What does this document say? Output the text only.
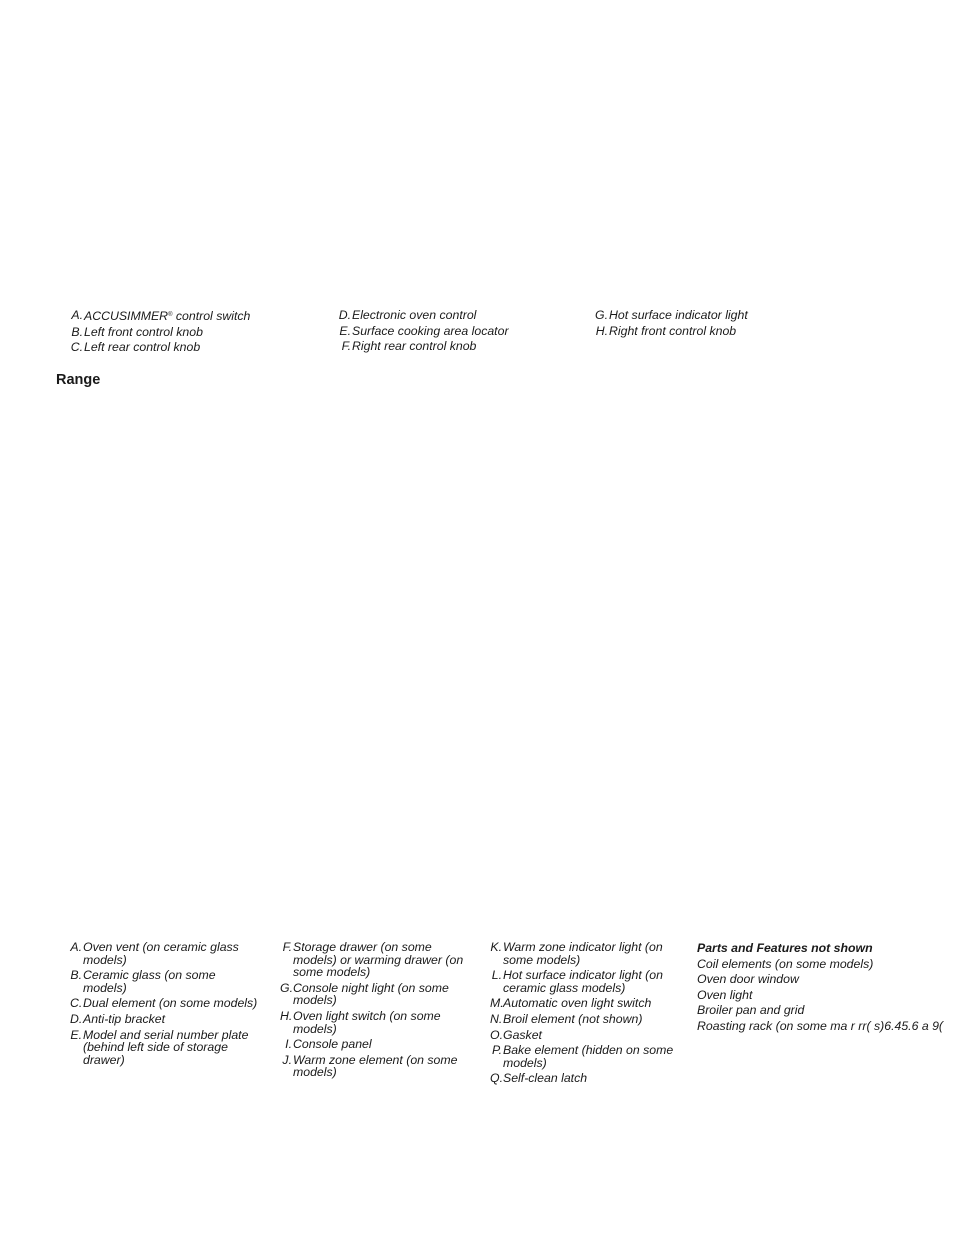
A. ACCUSIMMER® control switch
B. Left front control knob
C. Left rear control knob
D. Electronic oven control
E. Surface cooking area locator
F. Right rear control knob
G. Hot surface indicator light
H. Right front control knob
Range
A. Oven vent (on ceramic glass models)
B. Ceramic glass (on some models)
C. Dual element (on some models)
D. Anti-tip bracket
E. Model and serial number plate (behind left side of storage drawer)
F. Storage drawer (on some models) or warming drawer (on some models)
G. Console night light (on some models)
H. Oven light switch (on some models)
I. Console panel
J. Warm zone element (on some models)
K. Warm zone indicator light (on some models)
L. Hot surface indicator light (on ceramic glass models)
M. Automatic oven light switch
N. Broil element (not shown)
O. Gasket
P. Bake element (hidden on some models)
Q. Self-clean latch
Parts and Features not shown
Coil elements (on some models)
Oven door window
Oven light
Broiler pan and grid
Roasting rack (on some ma r rr( s)6.45.6 a 9(
